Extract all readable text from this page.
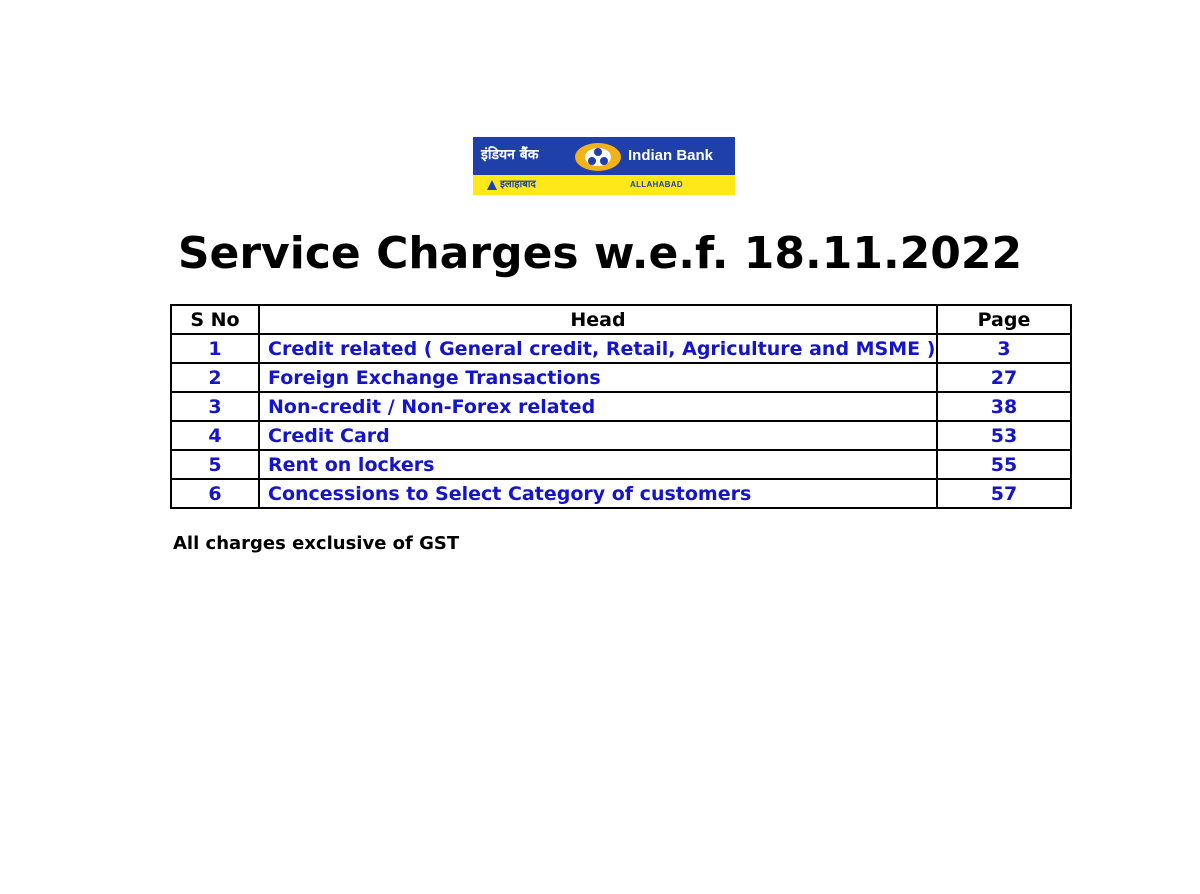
इंडियन बैंक	Indian Bank
इलाहाबाद	ALLAHABAD
Service Charges w.e.f. 18.11.2022
S No	Head	Page
1	Credit related ( General credit, Retail, Agriculture and MSME )	3
2	Foreign Exchange Transactions	27
3	Non-credit / Non-Forex related	38
4	Credit Card	53
5	Rent on lockers	55
6	Concessions to Select Category of customers	57
All charges exclusive of GST
